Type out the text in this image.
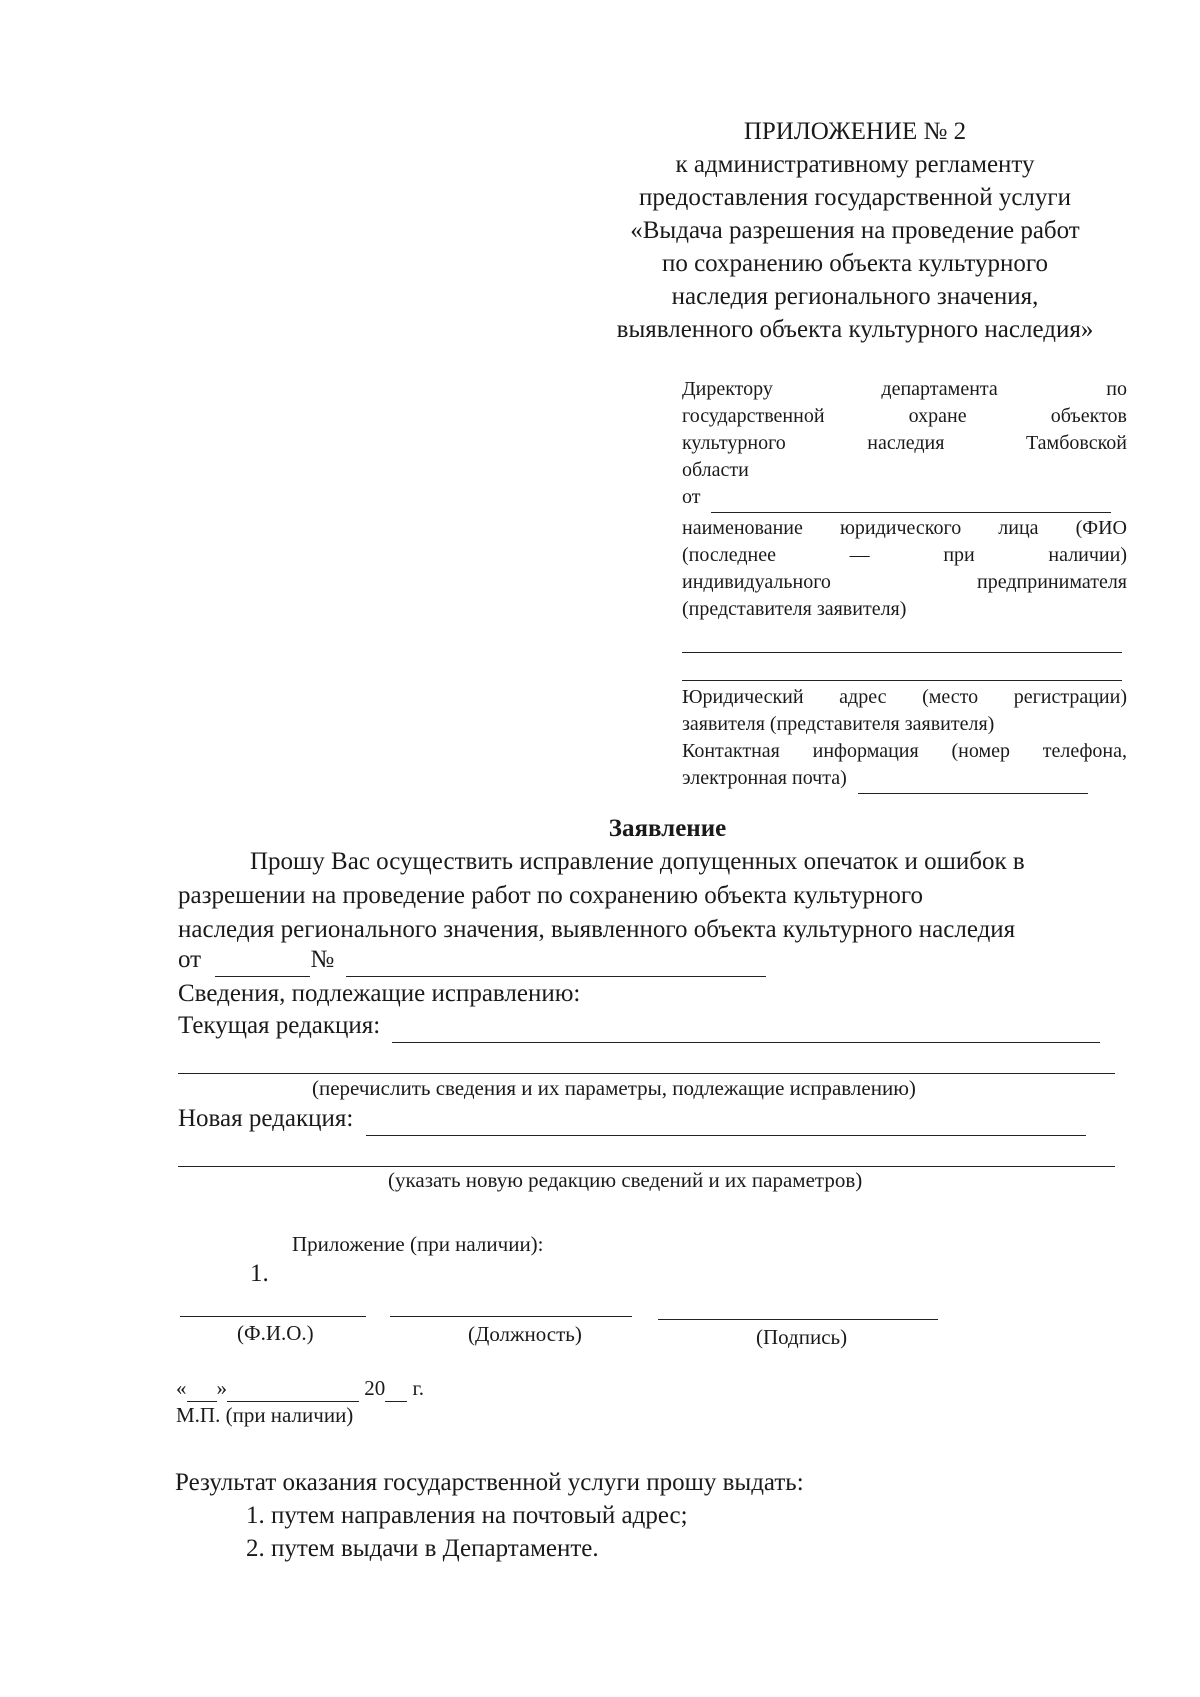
ПРИЛОЖЕНИЕ № 2
к административному регламенту
предоставления государственной услуги
«Выдача разрешения на проведение работ
по сохранению объекта культурного
наследия регионального значения,
выявленного объекта культурного наследия»
Директору департамента по
государственной охране объектов
культурного наследия Тамбовской
области
от
наименование юридического лица (ФИО
(последнее — при наличии)
индивидуального предпринимателя
(представителя заявителя)
Юридический адрес (место регистрации)
заявителя (представителя заявителя)
Контактная информация (номер телефона,
электронная почта)
Заявление
Прошу Вас осуществить исправление допущенных опечаток и ошибок в
разрешении на проведение работ по сохранению объекта культурного
наследия регионального значения, выявленного объекта культурного наследия
от	№
Сведения, подлежащие исправлению:
Текущая редакция:
(перечислить сведения и их параметры, подлежащие исправлению)
Новая редакция:
(указать новую редакцию сведений и их параметров)
Приложение (при наличии):
1.
(Ф.И.О.)	(Должность)	(Подпись)
« »	20 г.
М.П. (при наличии)
Результат оказания государственной услуги прошу выдать:
1. путем направления на почтовый адрес;
2. путем выдачи в Департаменте.
